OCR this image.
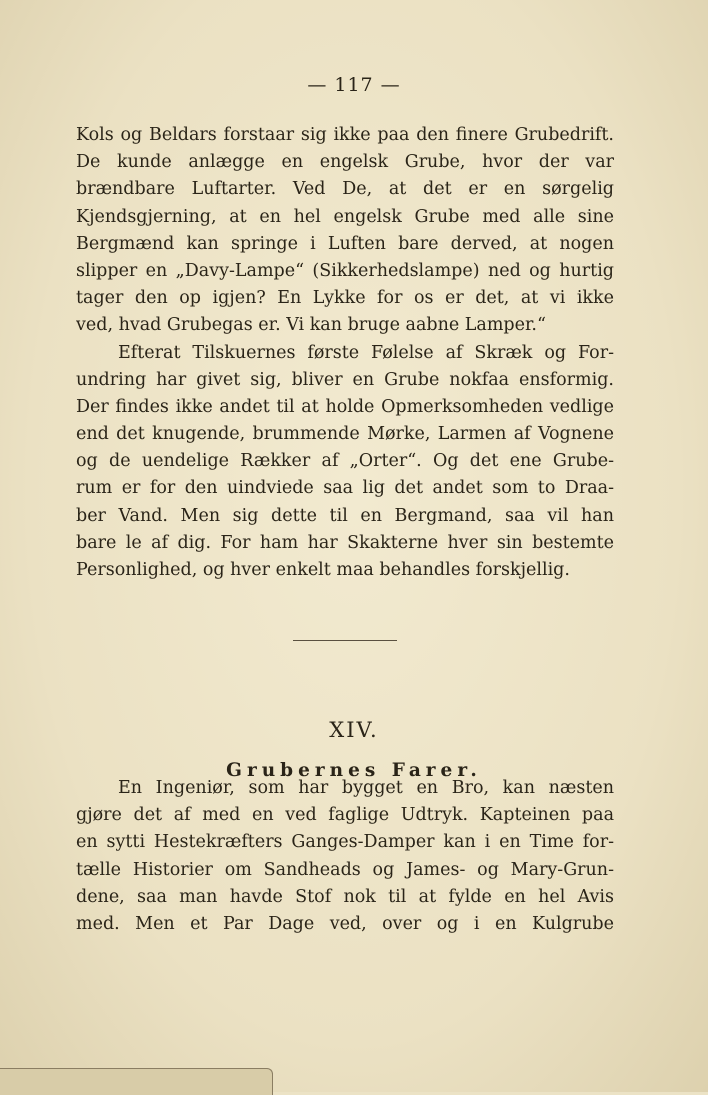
— 117 —
Kols og Beldars forstaar sig ikke paa den finere Grubedrift.
De kunde anlægge en engelsk Grube, hvor der var
brændbare Luftarter. Ved De, at det er en sørgelig
Kjendsgjerning, at en hel engelsk Grube med alle sine
Bergmænd kan springe i Luften bare derved, at nogen
slipper en „Davy-Lampe“ (Sikkerhedslampe) ned og hurtig
tager den op igjen? En Lykke for os er det, at vi ikke
ved, hvad Grubegas er. Vi kan bruge aabne Lamper.“
Efterat Tilskuernes første Følelse af Skræk og For-
undring har givet sig, bliver en Grube nokfaa ensformig.
Der findes ikke andet til at holde Opmerksomheden vedlige
end det knugende, brummende Mørke, Larmen af Vognene
og de uendelige Rækker af „Orter“. Og det ene Grube-
rum er for den uindviede saa lig det andet som to Draa-
ber Vand. Men sig dette til en Bergmand, saa vil han
bare le af dig. For ham har Skakterne hver sin bestemte
Personlighed, og hver enkelt maa behandles forskjellig.
XIV.
Grubernes Farer.
En Ingeniør, som har bygget en Bro, kan næsten
gjøre det af med en ved faglige Udtryk. Kapteinen paa
en sytti Hestekræfters Ganges-Damper kan i en Time for-
tælle Historier om Sandheads og James- og Mary-Grun-
dene, saa man havde Stof nok til at fylde en hel Avis
med. Men et Par Dage ved, over og i en Kulgrube
